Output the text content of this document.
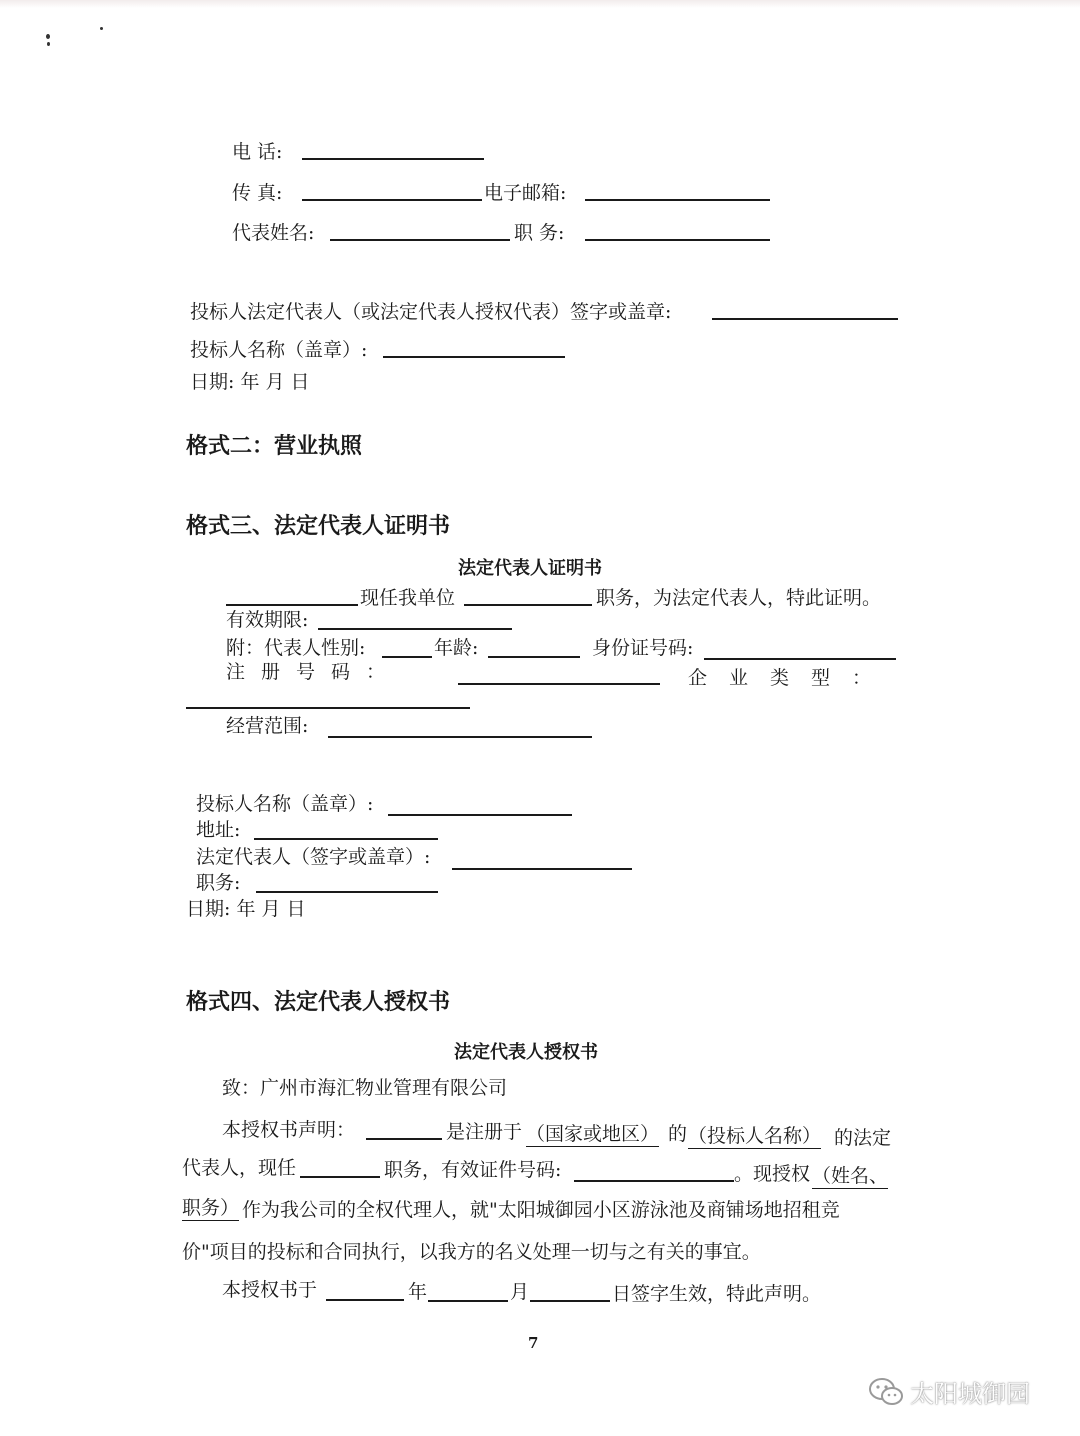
电 话:
传 真:	电子邮箱:
代表姓名:	职 务:
投标人法定代表人（或法定代表人授权代表）签字或盖章:
投标人名称（盖章）:
日期: 年 月 日
格式二：营业执照
格式三、法定代表人证明书
法定代表人证明书
现任我单位	职务，为法定代表人，特此证明。
有效期限:
附：代表人性别:	年龄:	身份证号码:
注册号码：	企业类型：
经营范围:
投标人名称（盖章）:
地址:
法定代表人（签字或盖章）:
职务:
日期: 年 月 日
格式四、法定代表人授权书
法定代表人授权书
致：广州市海汇物业管理有限公司
本授权书声明：	是注册于 （国家或地区） 的 （投标人名称） 的法定
代表人，现任	职务，有效证件号码:	。现授权 （姓名、
职务） 作为我公司的全权代理人，就"太阳城御园小区游泳池及商铺场地招租竞
价"项目的投标和合同执行，以我方的名义处理一切与之有关的事宜。
本授权书于	年	月	日签字生效，特此声明。
7
太阳城御园
